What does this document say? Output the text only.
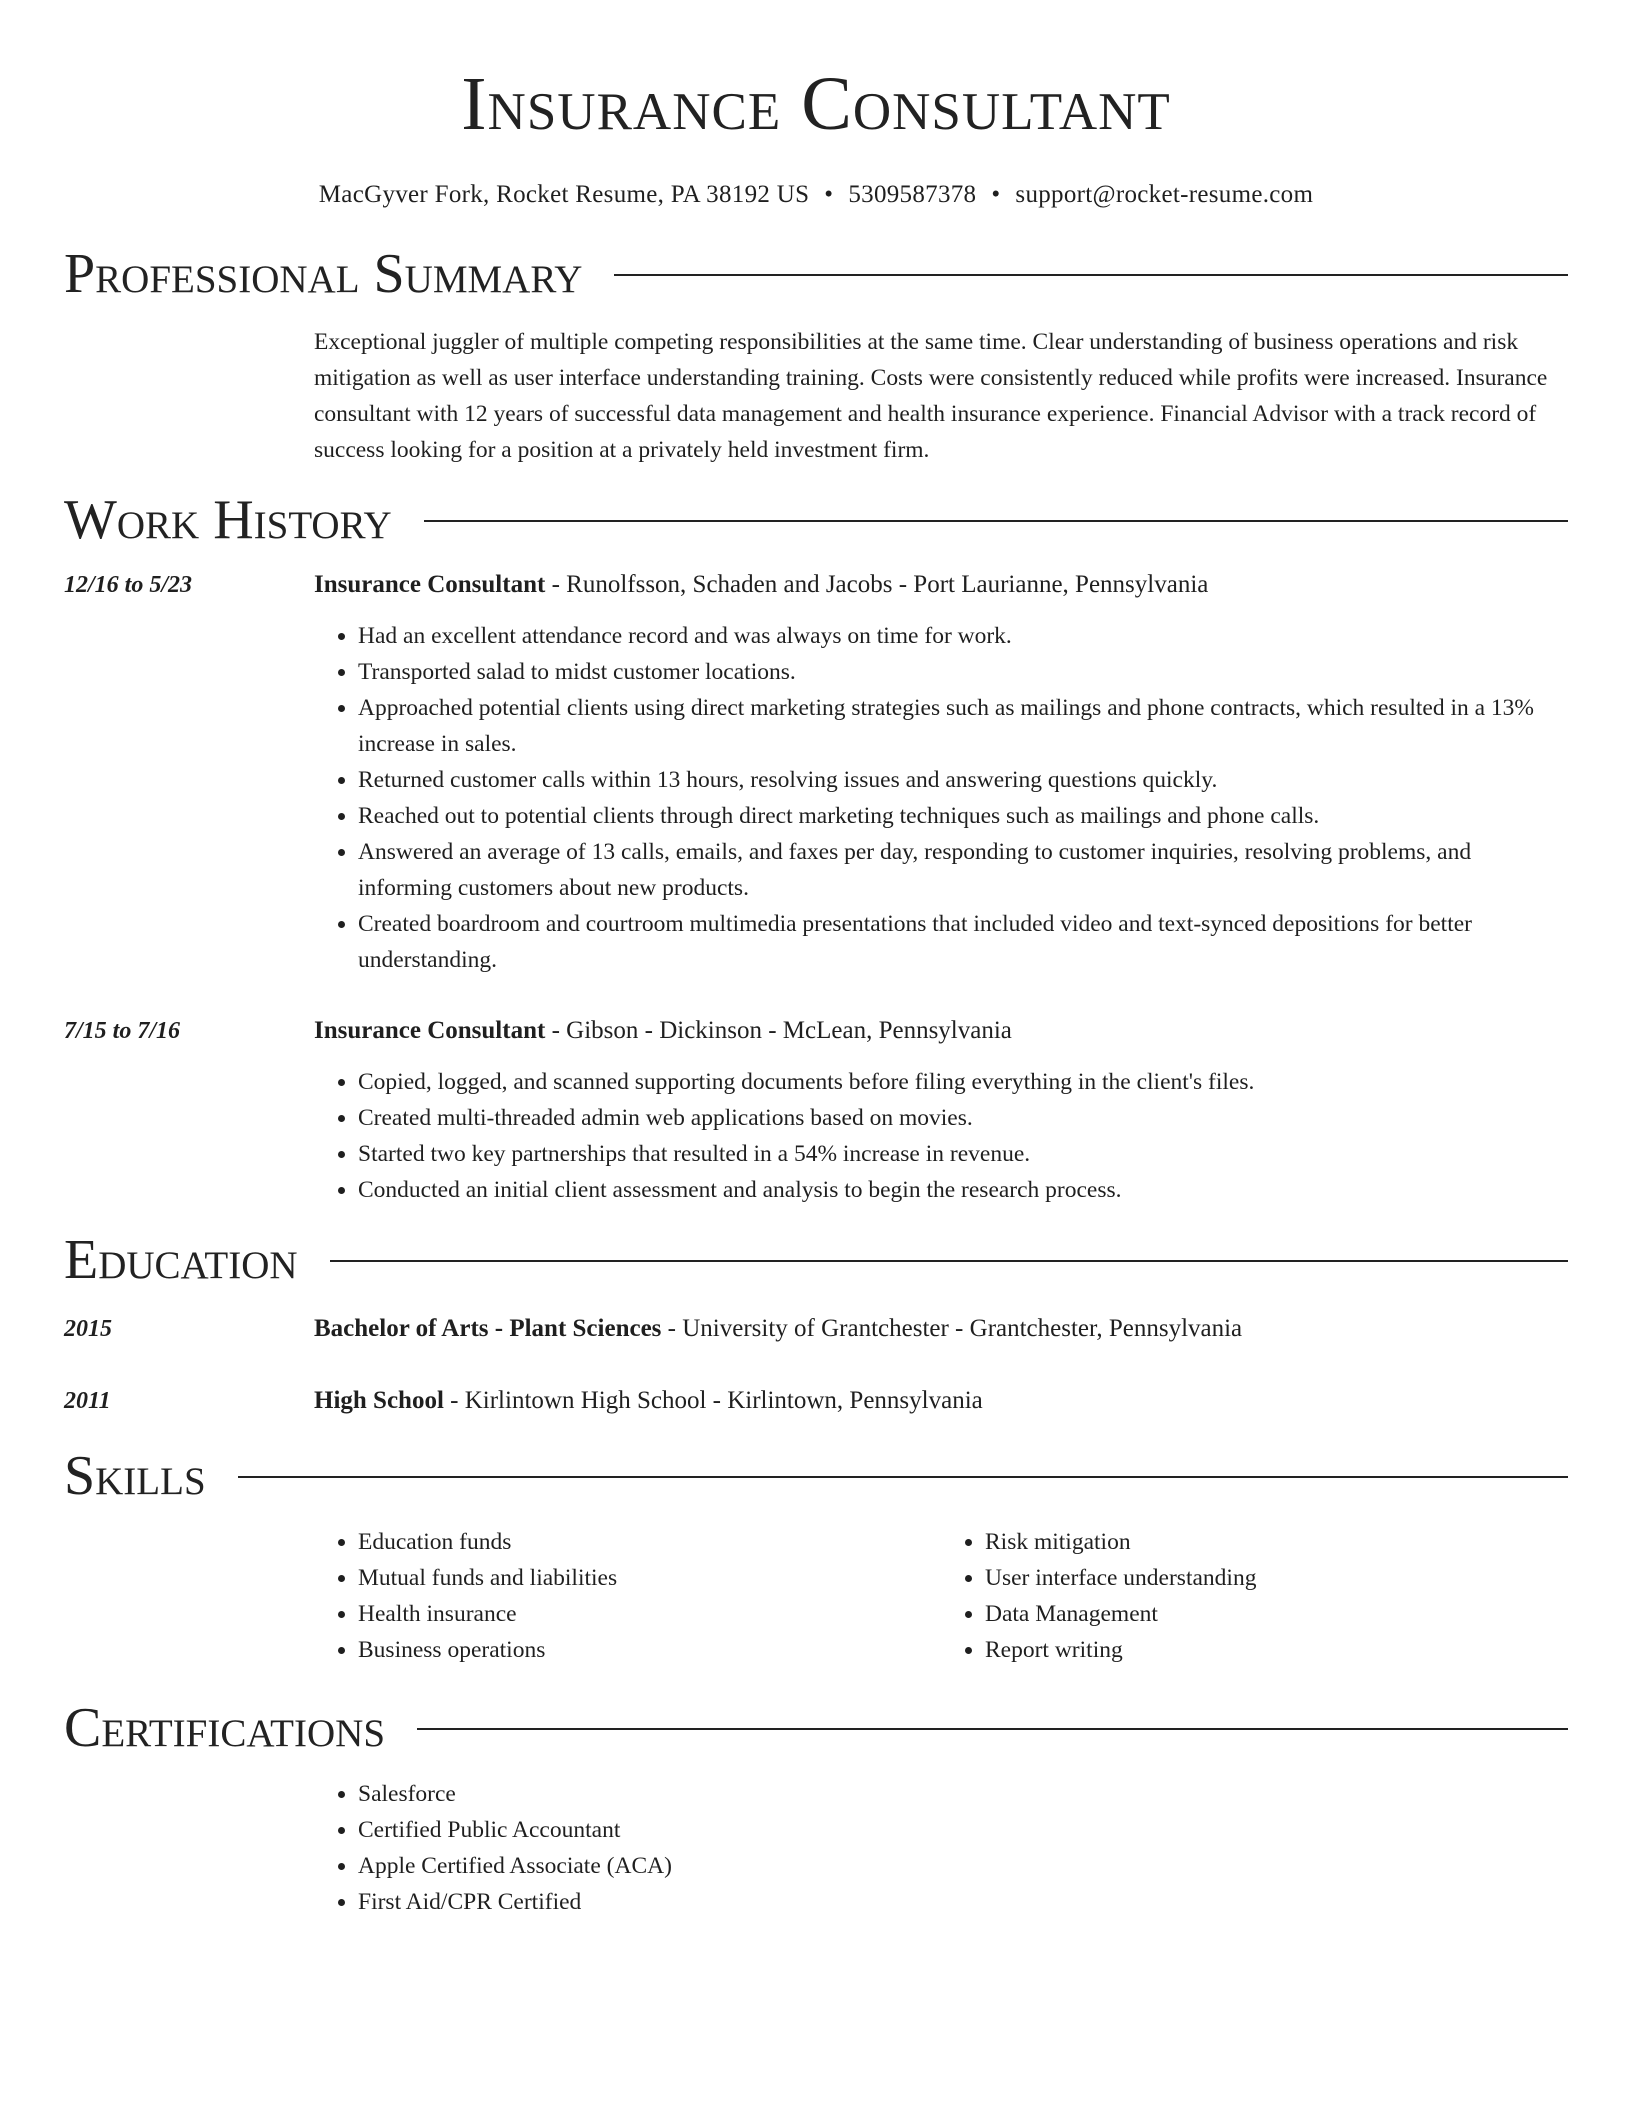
Insurance Consultant
MacGyver Fork, Rocket Resume, PA 38192 US • 5309587378 • support@rocket-resume.com
Professional Summary
Exceptional juggler of multiple competing responsibilities at the same time. Clear understanding of business operations and risk mitigation as well as user interface understanding training. Costs were consistently reduced while profits were increased. Insurance consultant with 12 years of successful data management and health insurance experience. Financial Advisor with a track record of success looking for a position at a privately held investment firm.
Work History
12/16 to 5/23	Insurance Consultant - Runolfsson, Schaden and Jacobs - Port Laurianne, Pennsylvania
• Had an excellent attendance record and was always on time for work.
• Transported salad to midst customer locations.
• Approached potential clients using direct marketing strategies such as mailings and phone contracts, which resulted in a 13% increase in sales.
• Returned customer calls within 13 hours, resolving issues and answering questions quickly.
• Reached out to potential clients through direct marketing techniques such as mailings and phone calls.
• Answered an average of 13 calls, emails, and faxes per day, responding to customer inquiries, resolving problems, and informing customers about new products.
• Created boardroom and courtroom multimedia presentations that included video and text-synced depositions for better understanding.
7/15 to 7/16	Insurance Consultant - Gibson - Dickinson - McLean, Pennsylvania
• Copied, logged, and scanned supporting documents before filing everything in the client's files.
• Created multi-threaded admin web applications based on movies.
• Started two key partnerships that resulted in a 54% increase in revenue.
• Conducted an initial client assessment and analysis to begin the research process.
Education
2015	Bachelor of Arts - Plant Sciences - University of Grantchester - Grantchester, Pennsylvania
2011	High School - Kirlintown High School - Kirlintown, Pennsylvania
Skills
• Education funds
• Mutual funds and liabilities
• Health insurance
• Business operations
• Risk mitigation
• User interface understanding
• Data Management
• Report writing
Certifications
• Salesforce
• Certified Public Accountant
• Apple Certified Associate (ACA)
• First Aid/CPR Certified
